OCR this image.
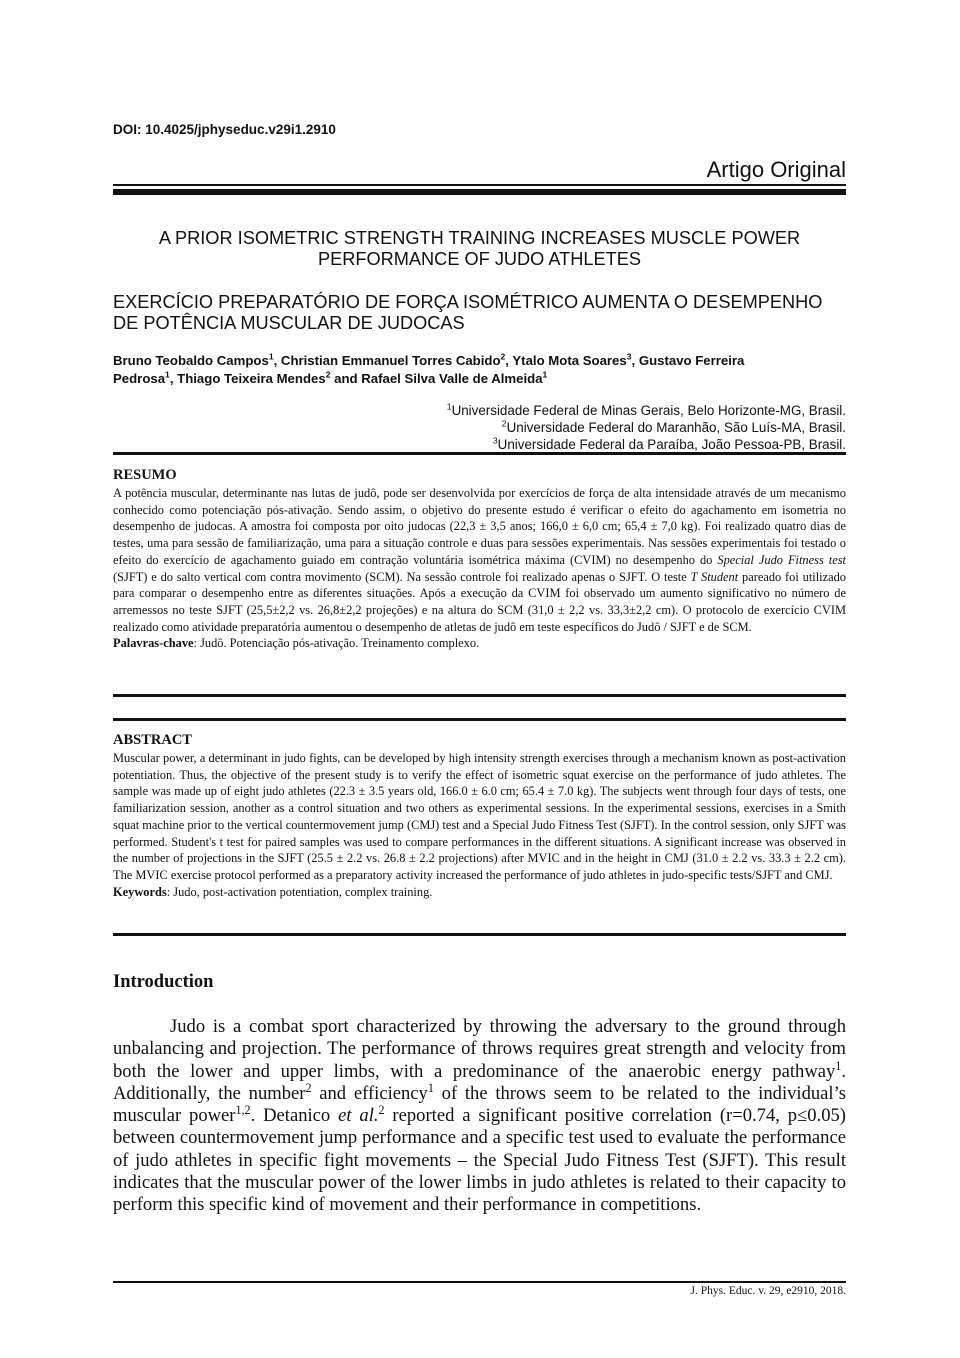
DOI: 10.4025/jphyseduc.v29i1.2910
Artigo Original
A PRIOR ISOMETRIC STRENGTH TRAINING INCREASES MUSCLE POWER
PERFORMANCE OF JUDO ATHLETES
EXERCÍCIO PREPARATÓRIO DE FORÇA ISOMÉTRICO AUMENTA O DESEMPENHO
DE POTÊNCIA MUSCULAR DE JUDOCAS
Bruno Teobaldo Campos$^1$, Christian Emmanuel Torres Cabido$^2$, Ytalo Mota Soares$^3$, Gustavo Ferreira Pedrosa$^1$, Thiago Teixeira Mendes$^2$ and Rafael Silva Valle de Almeida$^1$
$^1$Universidade Federal de Minas Gerais, Belo Horizonte-MG, Brasil.
$^2$Universidade Federal do Maranhão, São Luís-MA, Brasil.
$^3$Universidade Federal da Paraíba, João Pessoa-PB, Brasil.
RESUMO

A potência muscular, determinante nas lutas de judô, pode ser desenvolvida por exercícios de força de alta intensidade através de um mecanismo conhecido como potenciação pós-ativação. Sendo assim, o objetivo do presente estudo é verificar o efeito do agachamento em isometria no desempenho de judocas. A amostra foi composta por oito judocas (22,3 ± 3,5 anos; 166,0 ± 6,0 cm; 65,4 ± 7,0 kg). Foi realizado quatro dias de testes, uma para sessão de familiarização, uma para a situação controle e duas para sessões experimentais. Nas sessões experimentais foi testado o efeito do exercício de agachamento guiado em contração voluntária isométrica máxima (CVIM) no desempenho do Special Judo Fitness test (SJFT) e do salto vertical com contra movimento (SCM). Na sessão controle foi realizado apenas o SJFT. O teste T Student pareado foi utilizado para comparar o desempenho entre as diferentes situações. Após a execução da CVIM foi observado um aumento significativo no número de arremessos no teste SJFT (25,5±2,2 vs. 26,8±2,2 projeções) e na altura do SCM (31,0 ± 2,2 vs. 33,3±2,2 cm). O protocolo de exercício CVIM realizado como atividade preparatória aumentou o desempenho de atletas de judô em teste específicos do Judô / SJFT e de SCM.

Palavras-chave: Judô. Potenciação pós-ativação. Treinamento complexo.

ABSTRACT

Muscular power, a determinant in judo fights, can be developed by high intensity strength exercises through a mechanism known as post-activation potentiation. Thus, the objective of the present study is to verify the effect of isometric squat exercise on the performance of judo athletes. The sample was made up of eight judo athletes (22.3 ± 3.5 years old, 166.0 ± 6.0 cm; 65.4 ± 7.0 kg). The subjects went through four days of tests, one familiarization session, another as a control situation and two others as experimental sessions. In the experimental sessions, exercises in a Smith squat machine prior to the vertical countermovement jump (CMJ) test and a Special Judo Fitness Test (SJFT). In the control session, only SJFT was performed. Student's t test for paired samples was used to compare performances in the different situations. A significant increase was observed in the number of projections in the SJFT (25.5 ± 2.2 vs. 26.8 ± 2.2 projections) after MVIC and in the height in CMJ (31.0 ± 2.2 vs. 33.3 ± 2.2 cm). The MVIC exercise protocol performed as a preparatory activity increased the performance of judo athletes in judo-specific tests/SJFT and CMJ.

Keywords: Judo, post-activation potentiation, complex training.

Introduction

Judo is a combat sport characterized by throwing the adversary to the ground through unbalancing and projection. The performance of throws requires great strength and velocity from both the lower and upper limbs, with a predominance of the anaerobic energy pathway$^1$. Additionally, the number$^2$ and efficiency$^1$ of the throws seem to be related to the individual’s muscular power$^{1,2}$. Detanico et al.$^2$ reported a significant positive correlation (r=0.74, p≤0.05) between countermovement jump performance and a specific test used to evaluate the performance of judo athletes in specific fight movements – the Special Judo Fitness Test (SJFT). This result indicates that the muscular power of the lower limbs in judo athletes is related to their capacity to perform this specific kind of movement and their performance in competitions.

J. Phys. Educ. v. 29, e2910, 2018.
